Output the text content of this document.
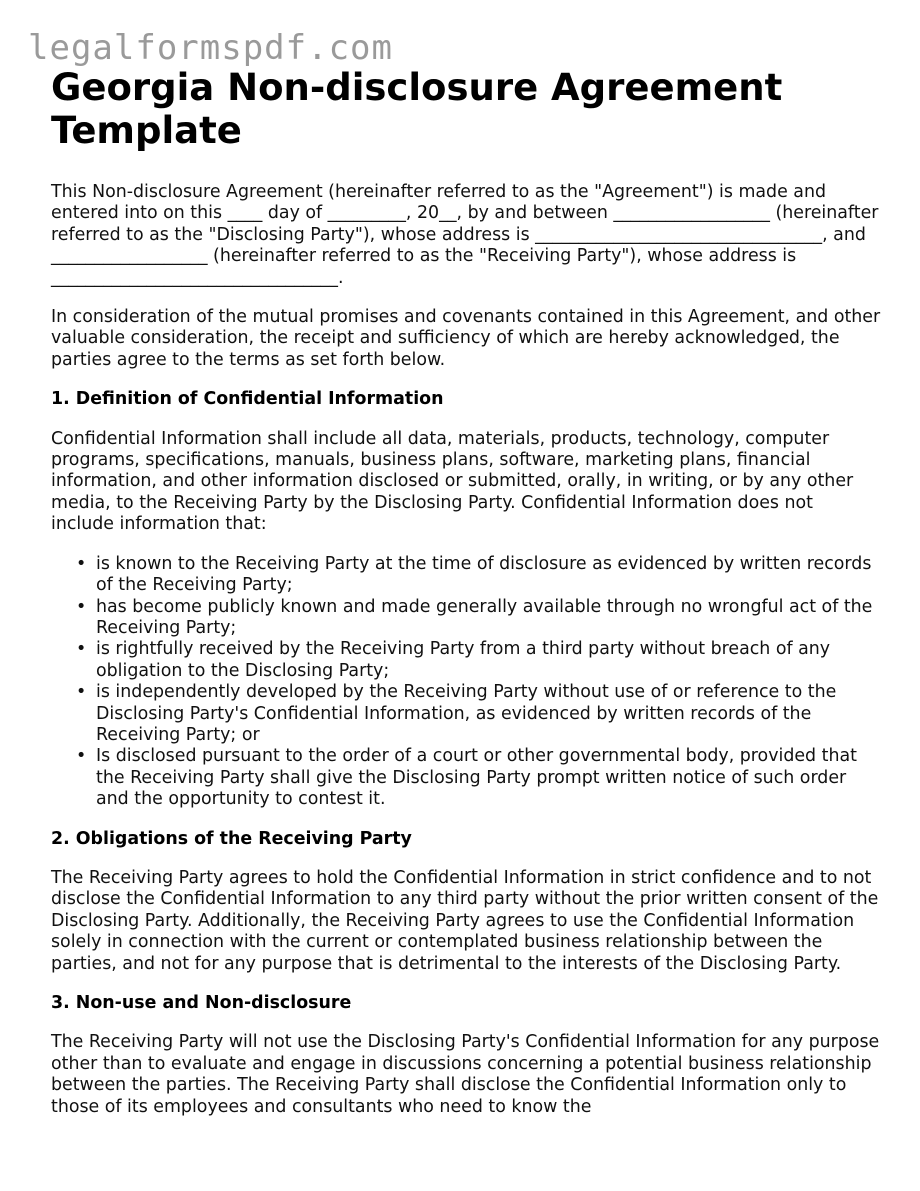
legalformspdf.com
Georgia Non-disclosure Agreement Template

This Non-disclosure Agreement (hereinafter referred to as the "Agreement") is made and entered into on this ____ day of _________, 20__, by and between __________________ (hereinafter referred to as the "Disclosing Party"), whose address is _________________________________, and __________________ (hereinafter referred to as the "Receiving Party"), whose address is _________________________________.

In consideration of the mutual promises and covenants contained in this Agreement, and other valuable consideration, the receipt and sufficiency of which are hereby acknowledged, the parties agree to the terms as set forth below.

1. Definition of Confidential Information

Confidential Information shall include all data, materials, products, technology, computer programs, specifications, manuals, business plans, software, marketing plans, financial information, and other information disclosed or submitted, orally, in writing, or by any other media, to the Receiving Party by the Disclosing Party. Confidential Information does not include information that:

• is known to the Receiving Party at the time of disclosure as evidenced by written records of the Receiving Party;
• has become publicly known and made generally available through no wrongful act of the Receiving Party;
• is rightfully received by the Receiving Party from a third party without breach of any obligation to the Disclosing Party;
• is independently developed by the Receiving Party without use of or reference to the Disclosing Party's Confidential Information, as evidenced by written records of the Receiving Party; or
• Is disclosed pursuant to the order of a court or other governmental body, provided that the Receiving Party shall give the Disclosing Party prompt written notice of such order and the opportunity to contest it.
2. Obligations of the Receiving Party

The Receiving Party agrees to hold the Confidential Information in strict confidence and to not disclose the Confidential Information to any third party without the prior written consent of the Disclosing Party. Additionally, the Receiving Party agrees to use the Confidential Information solely in connection with the current or contemplated business relationship between the parties, and not for any purpose that is detrimental to the interests of the Disclosing Party.

3. Non-use and Non-disclosure

The Receiving Party will not use the Disclosing Party's Confidential Information for any purpose other than to evaluate and engage in discussions concerning a potential business relationship between the parties. The Receiving Party shall disclose the Confidential Information only to those of its employees and consultants who need to know the
